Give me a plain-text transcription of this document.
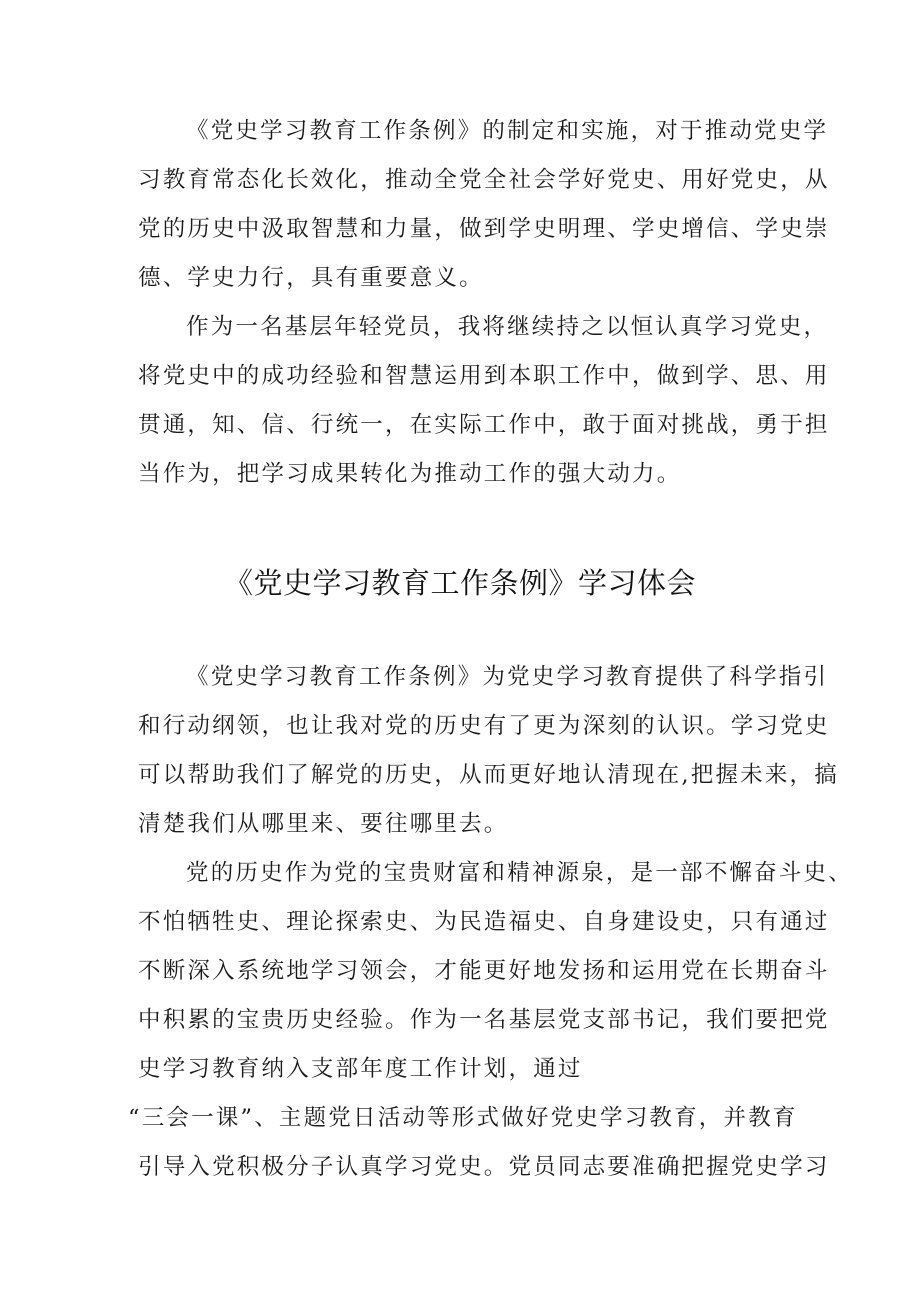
《党史学习教育工作条例》的制定和实施，对于推动党史学
习教育常态化长效化，推动全党全社会学好党史、用好党史，从
党的历史中汲取智慧和力量，做到学史明理、学史增信、学史崇
德、学史力行，具有重要意义。
作为一名基层年轻党员，我将继续持之以恒认真学习党史，
将党史中的成功经验和智慧运用到本职工作中，做到学、思、用
贯通，知、信、行统一，在实际工作中，敢于面对挑战，勇于担
当作为，把学习成果转化为推动工作的强大动力。
《党史学习教育工作条例》学习体会
《党史学习教育工作条例》为党史学习教育提供了科学指引
和行动纲领，也让我对党的历史有了更为深刻的认识。学习党史
可以帮助我们了解党的历史，从而更好地认清现在,把握未来，搞
清楚我们从哪里来、要往哪里去。
党的历史作为党的宝贵财富和精神源泉，是一部不懈奋斗史、
不怕牺牲史、理论探索史、为民造福史、自身建设史，只有通过
不断深入系统地学习领会，才能更好地发扬和运用党在长期奋斗
中积累的宝贵历史经验。作为一名基层党支部书记，我们要把党
史学习教育纳入支部年度工作计划，通过
“三会一课”、主题党日活动等形式做好党史学习教育，并教育
引导入党积极分子认真学习党史。党员同志要准确把握党史学习
